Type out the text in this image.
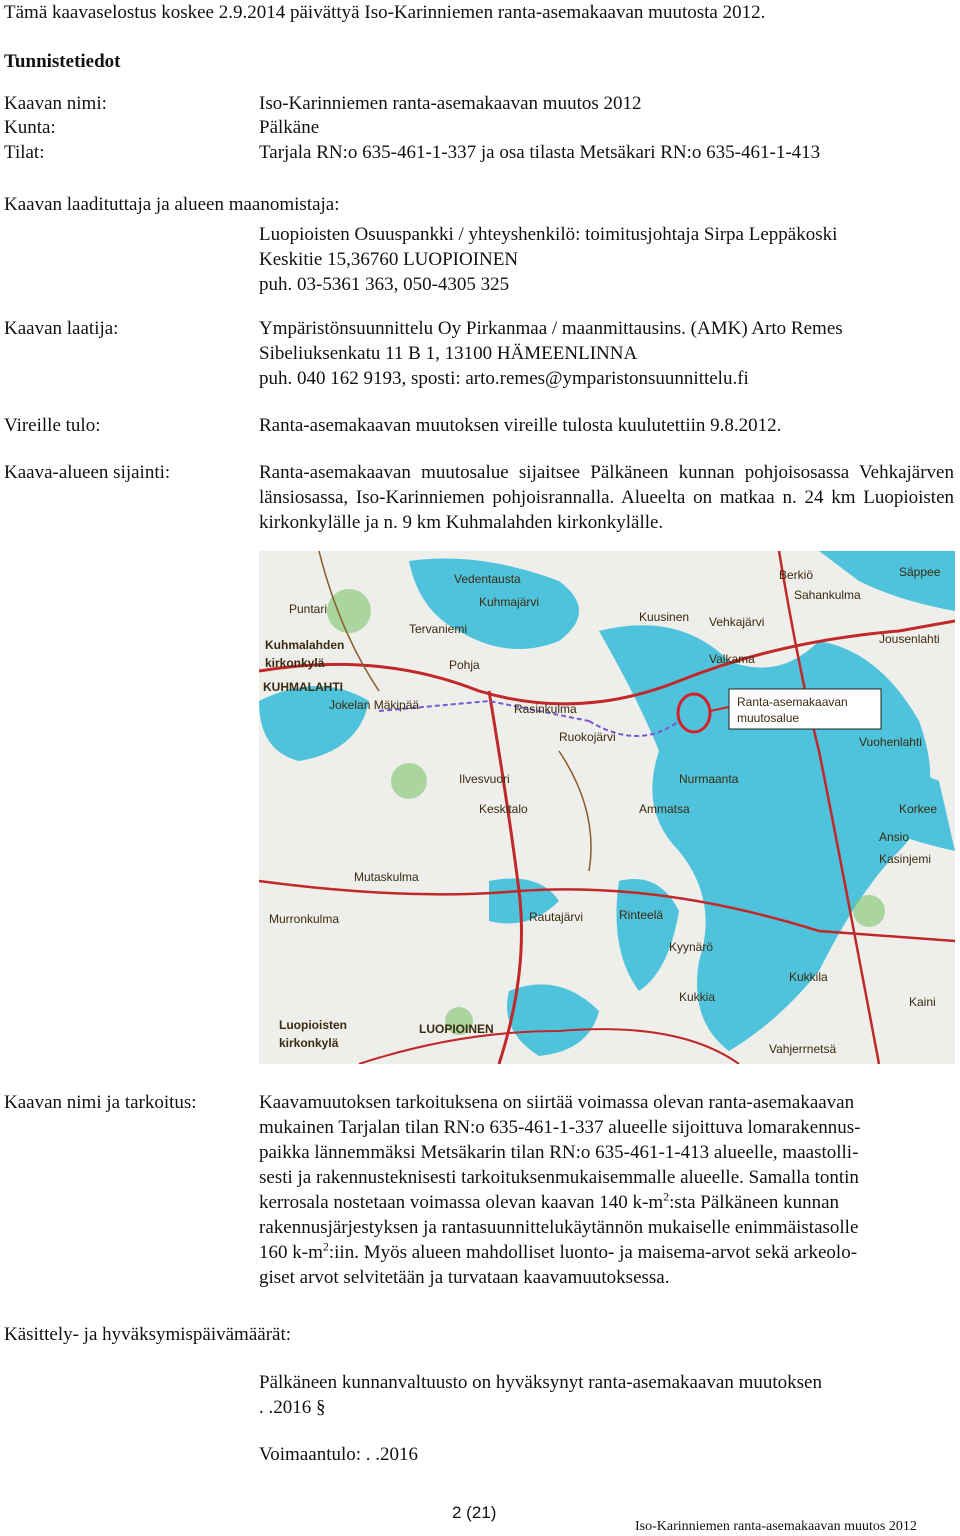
Tämä kaavaselostus koskee 2.9.2014 päivättyä Iso-Karinniemen ranta-asemakaavan muutosta 2012.
Tunnistetiedot
Kaavan nimi:	Iso-Karinniemen ranta-asemakaavan muutos 2012
Kunta:	Pälkäne
Tilat:	Tarjala RN:o 635-461-1-337 ja osa tilasta Metsäkari RN:o 635-461-1-413
Kaavan laadituttaja ja alueen maanomistaja:
Luopioisten Osuuspankki / yhteyshenkilö: toimitusjohtaja Sirpa Leppäkoski
Keskitie 15,36760 LUOPIOINEN
puh. 03-5361 363, 050-4305 325
Kaavan laatija:	Ympäristönsuunnittelu Oy Pirkanmaa / maanmittausins. (AMK) Arto Remes
Sibeliuksenkatu 11 B 1, 13100 HÄMEENLINNA
puh. 040 162 9193, sposti: arto.remes@ymparistonsuunnittelu.fi
Vireille tulo:	Ranta-asemakaavan muutoksen vireille tulosta kuulutettiin 9.8.2012.
Kaava-alueen sijainti:	Ranta-asemakaavan muutosalue sijaitsee Pälkäneen kunnan pohjoisosassa Vehkajärven länsiosassa, Iso-Karinniemen pohjoisrannalla. Alueelta on matkaa n. 24 km Luopioisten kirkonkylälle ja n. 9 km Kuhmalahden kirkonkylälle.
Vedentausta
Kuhmajärvi
Puntari
Tervaniemi
Kuhmalahden
kirkonkylä
KUHMALAHTI
Pohja
Jokelan Mäkipää	Rasinkulma
Ruokojärvi
Ilvesvuori
Keskitalo
Mutaskulma
Murronkulma	Rautajärvi	Rinteelä
Kyynärö
Luopioisten
kirkonkylä
LUOPIOINEN
Vehkajärvi
Valkama
Berkiö
Sahankulma
Säppee
Kuusinen
Jousenlahti
Vuohenlahti
Nurmaanta
Ammatsa	Korkee
Ansio
Kasinjemi
Kukkila
Kaini
Vahjerrnetsä
Kukkia
Ranta-asemakaavan
muutosalue
Kaavan nimi ja tarkoitus:	Kaavamuutoksen tarkoituksena on siirtää voimassa olevan ranta-asemakaavan
mukainen Tarjalan tilan RN:o 635-461-1-337 alueelle sijoittuva lomarakennus-
paikka lännemmäksi Metsäkarin tilan RN:o 635-461-1-413 alueelle, maastolli-
sesti ja rakennusteknisesti tarkoituksenmukaisemmalle alueelle. Samalla tontin
kerrosala nostetaan voimassa olevan kaavan 140 $k-m^2:sta$ Pälkäneen kunnan
rakennusjärjestyksen ja rantasuunnittelukäytännön mukaiselle enimmäistasolle
160 $k-m^2:iin$. Myös alueen mahdolliset luonto- ja maisema-arvot sekä arkeolo-
giset arvot selvitetään ja turvataan kaavamuutoksessa.
Käsittely- ja hyväksymispäivämäärät:
Pälkäneen kunnanvaltuusto on hyväksynyt ranta-asemakaavan muutoksen
. .2016 §
Voimaantulo: . .2016
2 (21)
Iso-Karinniemen ranta-asemakaavan muutos 2012
